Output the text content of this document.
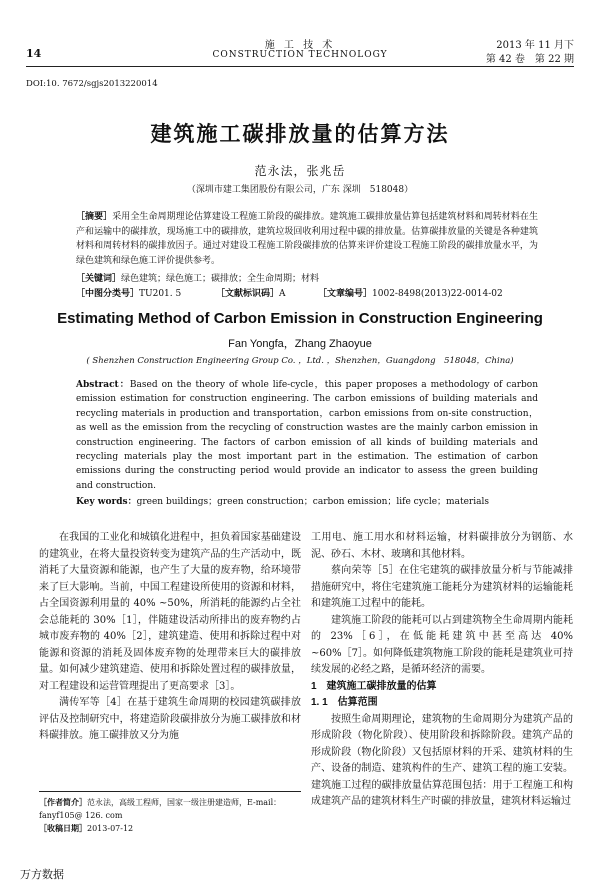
14
施 工 技 术
CONSTRUCTION TECHNOLOGY
2013 年 11 月下
第 42 卷　第 22 期
DOI:10. 7672/sgjs2013220014
建筑施工碳排放量的估算方法
范永法，张兆岳
（深圳市建工集团股份有限公司，广东 深圳　518048）
［摘要］采用全生命周期理论估算建设工程施工阶段的碳排放。建筑施工碳排放量估算包括建筑材料和周转材料在生产和运输中的碳排放，现场施工中的碳排放，建筑垃圾回收利用过程中碳的排放量。估算碳排放量的关键是各种建筑材料和周转材料的碳排放因子。通过对建设工程施工阶段碳排放的估算来评价建设工程施工阶段的碳排放量水平，为绿色建筑和绿色施工评价提供参考。
［关键词］绿色建筑；绿色施工；碳排放；全生命周期；材料
［中图分类号］TU201. 5	［文献标识码］A	［文章编号］1002-8498(2013)22-0014-02
Estimating Method of Carbon Emission in Construction Engineering
Fan Yongfa，Zhang Zhaoyue
( Shenzhen Construction Engineering Group Co. ，Ltd. ，Shenzhen，Guangdong　518048，China)
Abstract：Based on the theory of whole life-cycle，this paper proposes a methodology of carbon emission estimation for construction engineering. The carbon emissions of building materials and recycling materials in production and transportation，carbon emissions from on-site construction，as well as the emission from the recycling of construction wastes are the mainly carbon emission in construction engineering. The factors of carbon emission of all kinds of building materials and recycling materials play the most important part in the estimation. The estimation of carbon emissions during the constructing period would provide an indicator to assess the green building and construction.
Key words：green buildings；green construction；carbon emission；life cycle；materials

在我国的工业化和城镇化进程中，担负着国家基础建设的建筑业，在将大量投资转变为建筑产品的生产活动中，既消耗了大量资源和能源，也产生了大量的废弃物，给环境带来了巨大影响。当前，中国工程建设所使用的资源和材料，占全国资源利用量的 40% ~50%，所消耗的能源约占全社会总能耗的 30%［1］，伴随建设活动所排出的废弃物约占城市废弃物的 40%［2］，建筑建造、使用和拆除过程中对能源和资源的消耗及固体废弃物的处理带来巨大的碳排放量。如何减少建筑建造、使用和拆除处置过程的碳排放量，对工程建设和运营管理提出了更高要求［3］。

满传军等［4］在基于建筑生命周期的校园建筑碳排放评估及控制研究中，将建造阶段碳排放分为施工碳排放和材料碳排放。施工碳排放又分为施

工用电、施工用水和材料运输，材料碳排放分为钢筋、水泥、砂石、木材、玻璃和其他材料。

蔡向荣等［5］在住宅建筑的碳排放量分析与节能减排措施研究中，将住宅建筑施工能耗分为建筑材料的运输能耗和建筑施工过程中的能耗。

建筑施工阶段的能耗可以占到建筑物全生命周期内能耗的 23%［6］，在低能耗建筑中甚至高达 40% ~60%［7］。如何降低建筑物施工阶段的能耗是建筑业可持续发展的必经之路，是循环经济的需要。

1　建筑施工碳排放量的估算

1. 1　估算范围

按照生命周期理论，建筑物的生命周期分为建筑产品的形成阶段（物化阶段）、使用阶段和拆除阶段。建筑产品的形成阶段（物化阶段）又包括原材料的开采、建筑材料的生产、设备的制造、建筑构件的生产、建筑工程的施工安装。建筑施工过程的碳排放量估算范围包括：用于工程施工和构成建筑产品的建筑材料生产时碳的排放量，建筑材料运输过

［作者简介］范永法，高级工程师，国家一级注册建造师，E-mail：fanyf105@ 126. com
［收稿日期］2013-07-12
万方数据
